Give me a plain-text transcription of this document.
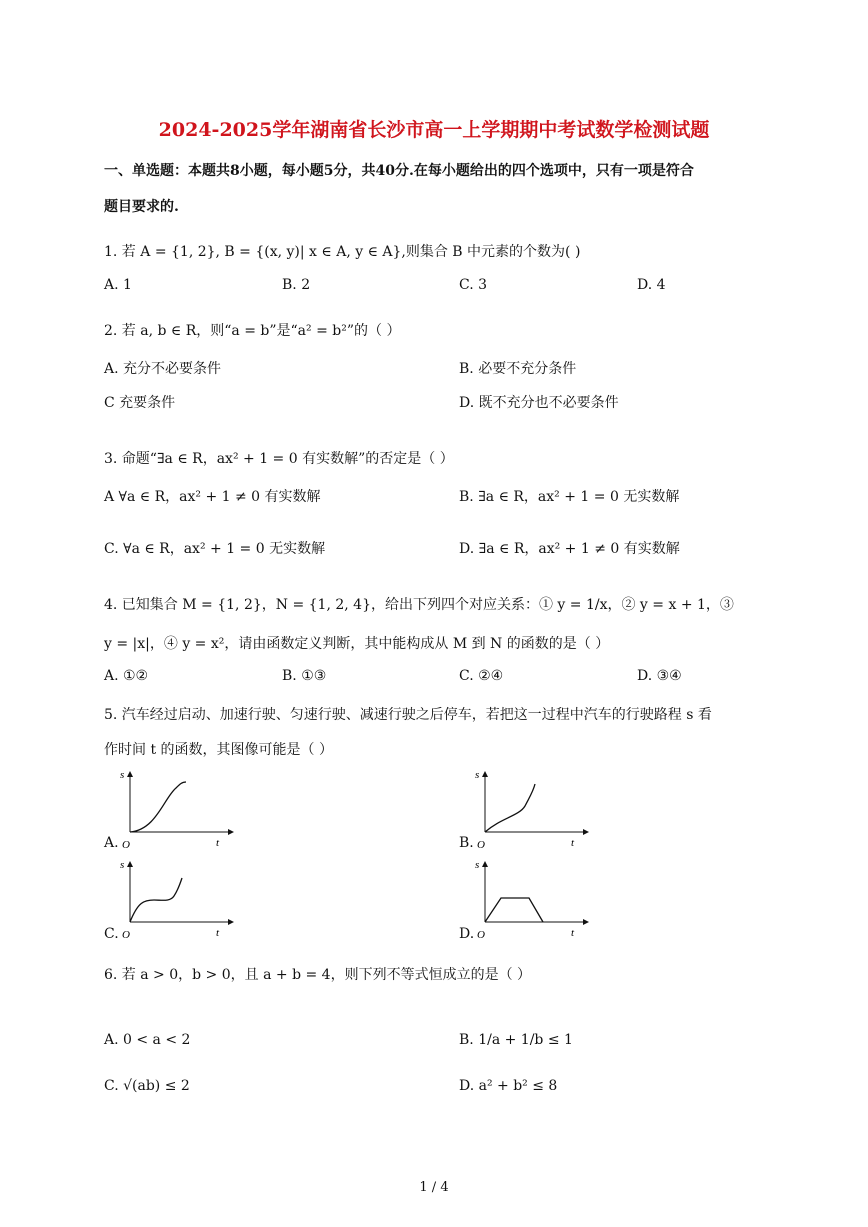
2024-2025学年湖南省长沙市高一上学期期中考试数学检测试题
一、单选题：本题共8小题，每小题5分，共40分.在每小题给出的四个选项中，只有一项是符合
题目要求的.
1. 若 A = {1, 2}, B = {(x, y)| x ∈ A, y ∈ A},则集合 B 中元素的个数为( )
A. 1	B. 2	C. 3	D. 4
2. 若 a, b ∈ R，则“a = b”是“a² = b²”的（ ）
A. 充分不必要条件	B. 必要不充分条件
C 充要条件	D. 既不充分也不必要条件
3. 命题“∃a ∈ R，ax² + 1 = 0 有实数解”的否定是（ ）
A ∀a ∈ R，ax² + 1 ≠ 0 有实数解	B. ∃a ∈ R，ax² + 1 = 0 无实数解
C. ∀a ∈ R，ax² + 1 = 0 无实数解	D. ∃a ∈ R，ax² + 1 ≠ 0 有实数解
4. 已知集合 M = {1, 2}，N = {1, 2, 4}，给出下列四个对应关系：① y = 1/x，② y = x + 1，③
y = |x|，④ y = x²，请由函数定义判断，其中能构成从 M 到 N 的函数的是（ ）
A. ①②	B. ①③	C. ②④	D. ③④
5. 汽车经过启动、加速行驶、匀速行驶、减速行驶之后停车，若把这一过程中汽车的行驶路程 s 看
作时间 t 的函数，其图像可能是（ ）
A.
s
t
O	B.
s
t
O
C.
s
t
O	D.
s
t
O
6. 若 a > 0，b > 0，且 a + b = 4，则下列不等式恒成立的是（ ）
A. 0 < a < 2	B. 1/a + 1/b ≤ 1
C. √(ab) ≤ 2	D. a² + b² ≤ 8
1 / 4
